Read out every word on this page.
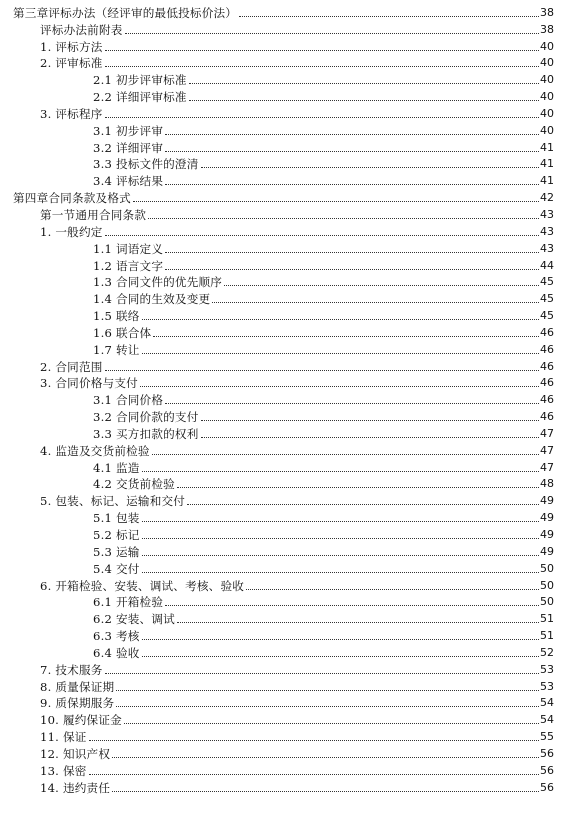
第三章评标办法（经评审的最低投标价法）	38
评标办法前附表	38
1. 评标方法	40
2. 评审标准	40
2.1 初步评审标准	40
2.2 详细评审标准	40
3. 评标程序	40
3.1 初步评审	40
3.2 详细评审	41
3.3 投标文件的澄清	41
3.4 评标结果	41
第四章合同条款及格式	42
第一节通用合同条款	43
1. 一般约定	43
1.1 词语定义	43
1.2 语言文字	44
1.3 合同文件的优先顺序	45
1.4 合同的生效及变更	45
1.5 联络	45
1.6 联合体	46
1.7 转让	46
2. 合同范围	46
3. 合同价格与支付	46
3.1 合同价格	46
3.2 合同价款的支付	46
3.3 买方扣款的权利	47
4. 监造及交货前检验	47
4.1 监造	47
4.2 交货前检验	48
5. 包装、标记、运输和交付	49
5.1 包装	49
5.2 标记	49
5.3 运输	49
5.4 交付	50
6. 开箱检验、安装、调试、考核、验收	50
6.1 开箱检验	50
6.2 安装、调试	51
6.3 考核	51
6.4 验收	52
7. 技术服务	53
8. 质量保证期	53
9. 质保期服务	54
10. 履约保证金	54
11. 保证	55
12. 知识产权	56
13. 保密	56
14. 违约责任	56
